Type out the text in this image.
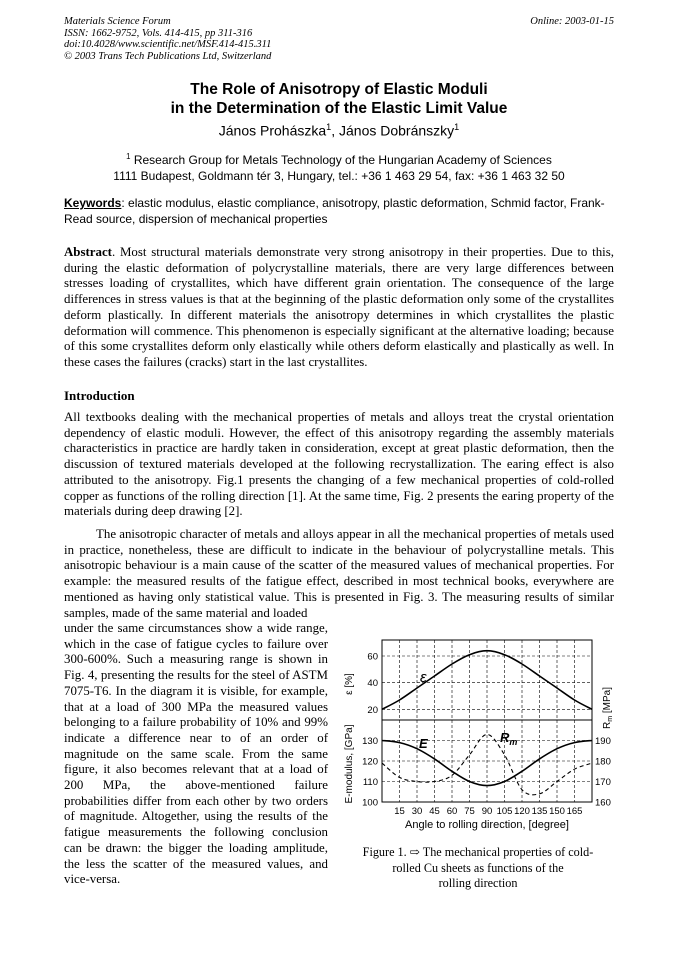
Materials Science Forum
ISSN: 1662-9752, Vols. 414-415, pp 311-316
doi:10.4028/www.scientific.net/MSF.414-415.311
© 2003 Trans Tech Publications Ltd, Switzerland
Online: 2003-01-15
The Role of Anisotropy of Elastic Moduli
in the Determination of the Elastic Limit Value
János Prohászka$^1$, János Dobránszky$^1$
$^1$ Research Group for Metals Technology of the Hungarian Academy of Sciences
1111 Budapest, Goldmann tér 3, Hungary, tel.: +36 1 463 29 54, fax: +36 1 463 32 50
Keywords: elastic modulus, elastic compliance, anisotropy, plastic deformation, Schmid factor, Frank-Read source, dispersion of mechanical properties
Abstract. Most structural materials demonstrate very strong anisotropy in their properties. Due to this, during the elastic deformation of polycrystalline materials, there are very large differences between stresses loading of crystallites, which have different grain orientation. The consequence of the large differences in stress values is that at the beginning of the plastic deformation only some of the crystallites deform plastically. In different materials the anisotropy determines in which crystallites the plastic deformation will commence. This phenomenon is especially significant at the alternative loading; because of this some crystallites deform only elastically while others deform elastically and plastically as well. In these cases the failures (cracks) start in the last crystallites.
Introduction
All textbooks dealing with the mechanical properties of metals and alloys treat the crystal orientation dependency of elastic moduli. However, the effect of this anisotropy regarding the assembly materials characteristics in practice are hardly taken in consideration, except at great plastic deformation, then the discussion of textured materials developed at the following recrystallization. The earing effect is also attributed to the anisotropy. Fig.1 presents the changing of a few mechanical properties of cold-rolled copper as functions of the rolling direction [1]. At the same time, Fig. 2 presents the earing property of the materials during deep drawing [2].
The anisotropic character of metals and alloys appear in all the mechanical properties of metals used in practice, nonetheless, these are difficult to indicate in the behaviour of polycrystalline metals. This anisotropic behaviour is a main cause of the scatter of the measured values of mechanical properties. For example: the measured results of the fatigue effect, described in most technical books, everywhere are mentioned as having only statistical value. This is presented in Fig. 3. The measuring results of similar samples, made of the same material and loaded
under the same circumstances show a wide range, which in the case of fatigue cycles to failure over 300-600%. Such a measuring range is shown in Fig. 4, presenting the results for the steel of ASTM 7075-T6. In the diagram it is visible, for example, that at a load of 300 MPa the measured values belonging to a failure probability of 10% and 99% indicate a difference near to of an order of magnitude on the same scale. From the same figure, it also becomes relevant that at a load of 200 MPa, the above-mentioned failure probabilities differ from each other by two orders of magnitude. Altogether, using the results of the fatigue measurements the following conclusion can be drawn: the bigger the loading amplitude, the less the scatter of the measured values, and vice-versa.
15 30 45 60 75 90 105 120 135 150 165
20
40
60
100
110
120
130
160
170
180
190
ε [%]
E-modulus, [GPa]	$R_m$ [MPa]
Angle to rolling direction, [degree]
ε
E	$R_m$
Figure 1. ⇨ The mechanical properties of cold-
rolled Cu sheets as functions of the
rolling direction
